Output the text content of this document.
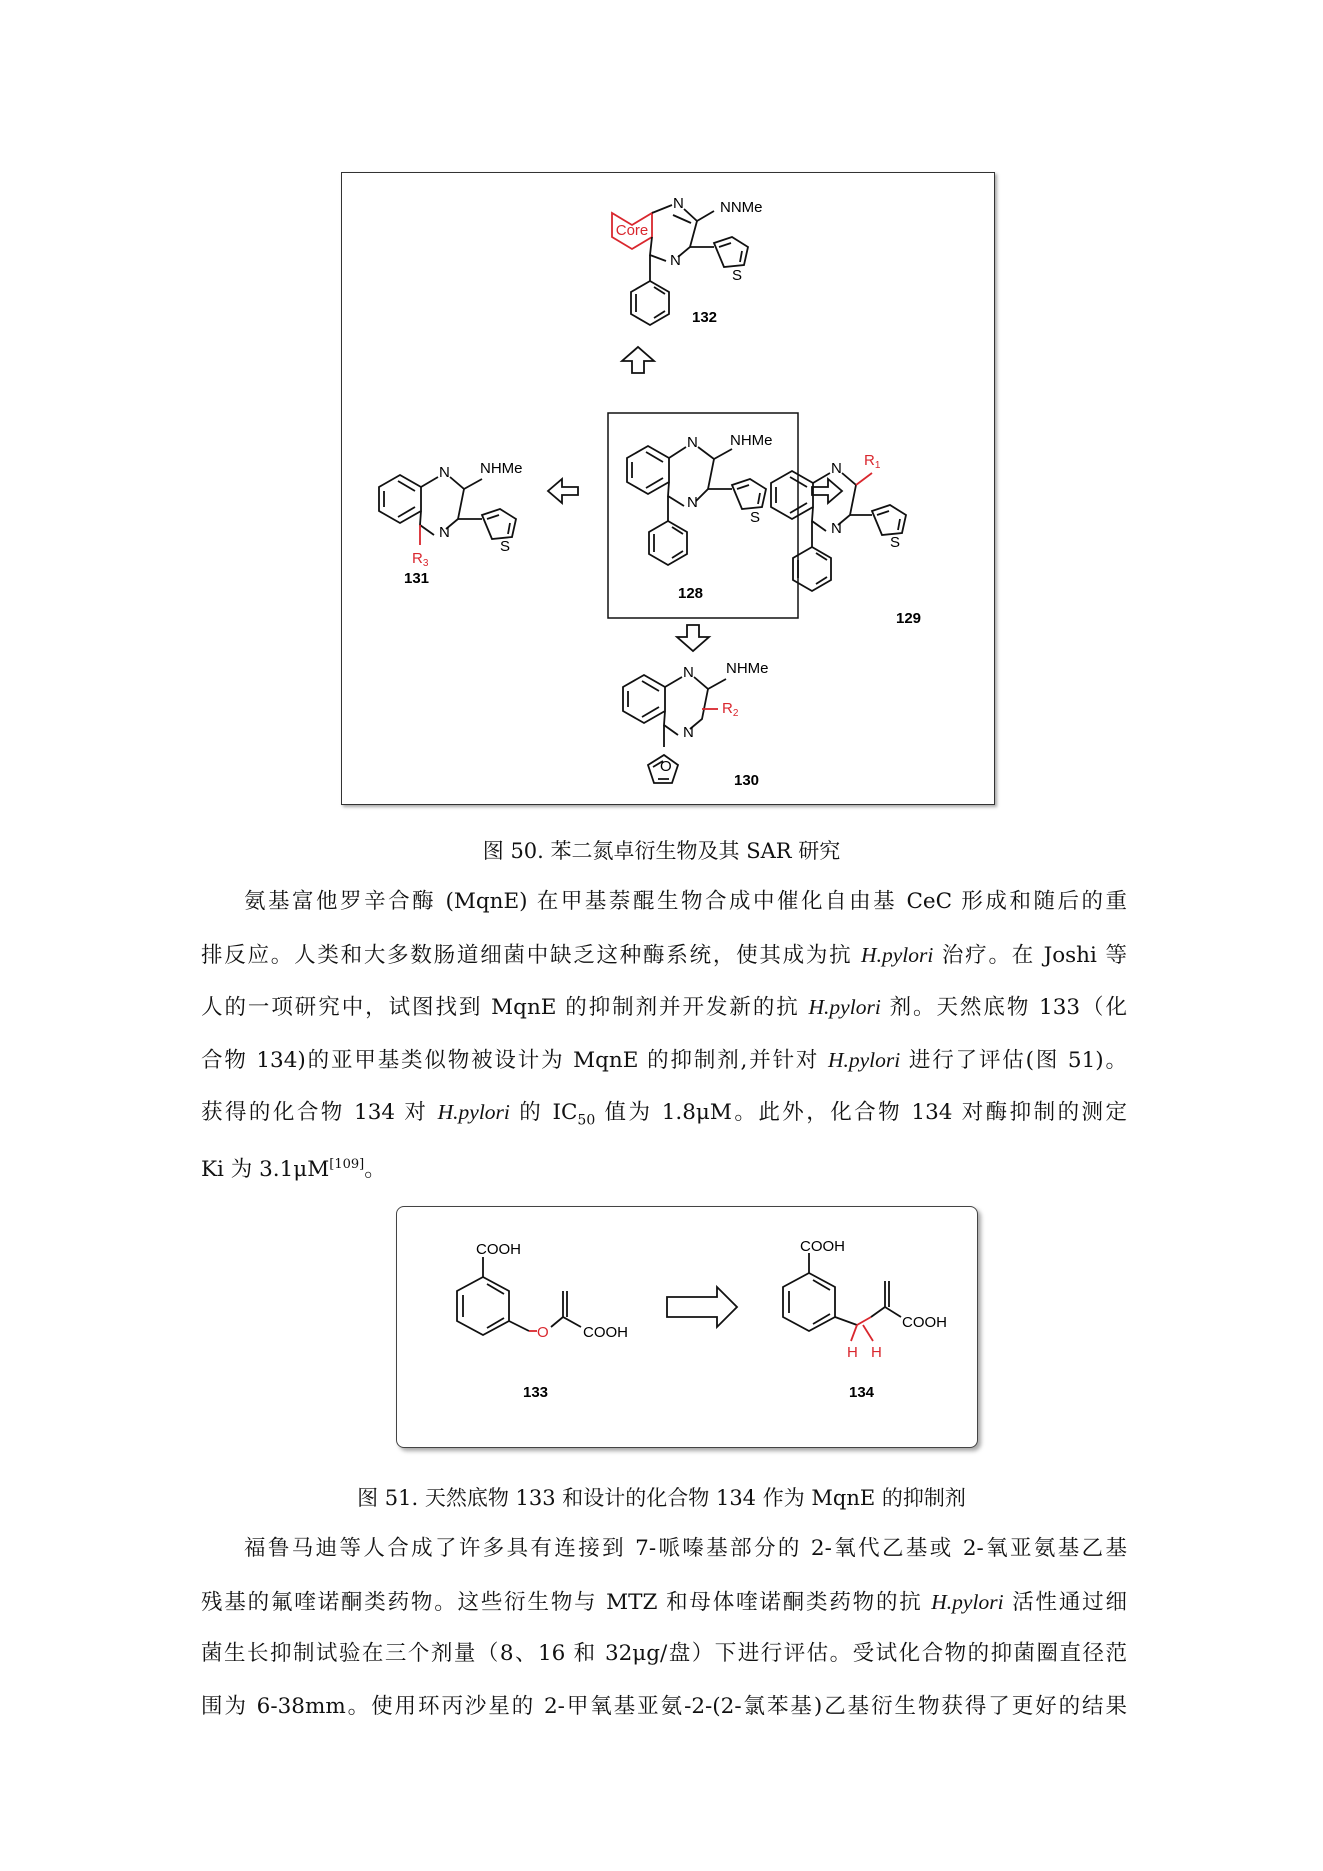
Core
N
N
NNMe
S
132
N
N
NHMe
S
128
N
N
NHMe
S
$R_3$
131
N
N
$R_1$
S
129
N
N
NHMe
$R_2$
O
130
图 50. 苯二氮卓衍生物及其 SAR 研究
氨基富他罗辛合酶 (MqnE) 在甲基萘醌生物合成中催化自由基 CeC 形成和随后的重
排反应。人类和大多数肠道细菌中缺乏这种酶系统，使其成为抗 H.pylori 治疗。在 Joshi 等
人的一项研究中，试图找到 MqnE 的抑制剂并开发新的抗 H.pylori 剂。天然底物 133（化
合物 134)的亚甲基类似物被设计为 MqnE 的抑制剂,并针对 H.pylori 进行了评估(图 51)。
获得的化合物 134 对 H.pylori 的 $IC_{50}$ 值为 1.8μM。此外，化合物 134 对酶抑制的测定
Ki 为 3.1μM[109]。
COOH
O COOH
133
COOH
COOH
H H
134
图 51. 天然底物 133 和设计的化合物 134 作为 MqnE 的抑制剂
福鲁马迪等人合成了许多具有连接到 7-哌嗪基部分的 2-氧代乙基或 2-氧亚氨基乙基
残基的氟喹诺酮类药物。这些衍生物与 MTZ 和母体喹诺酮类药物的抗 H.pylori 活性通过细
菌生长抑制试验在三个剂量（8、16 和 32μg/盘）下进行评估。受试化合物的抑菌圈直径范
围为 6-38mm。使用环丙沙星的 2-甲氧基亚氨-2-(2-氯苯基)乙基衍生物获得了更好的结果
